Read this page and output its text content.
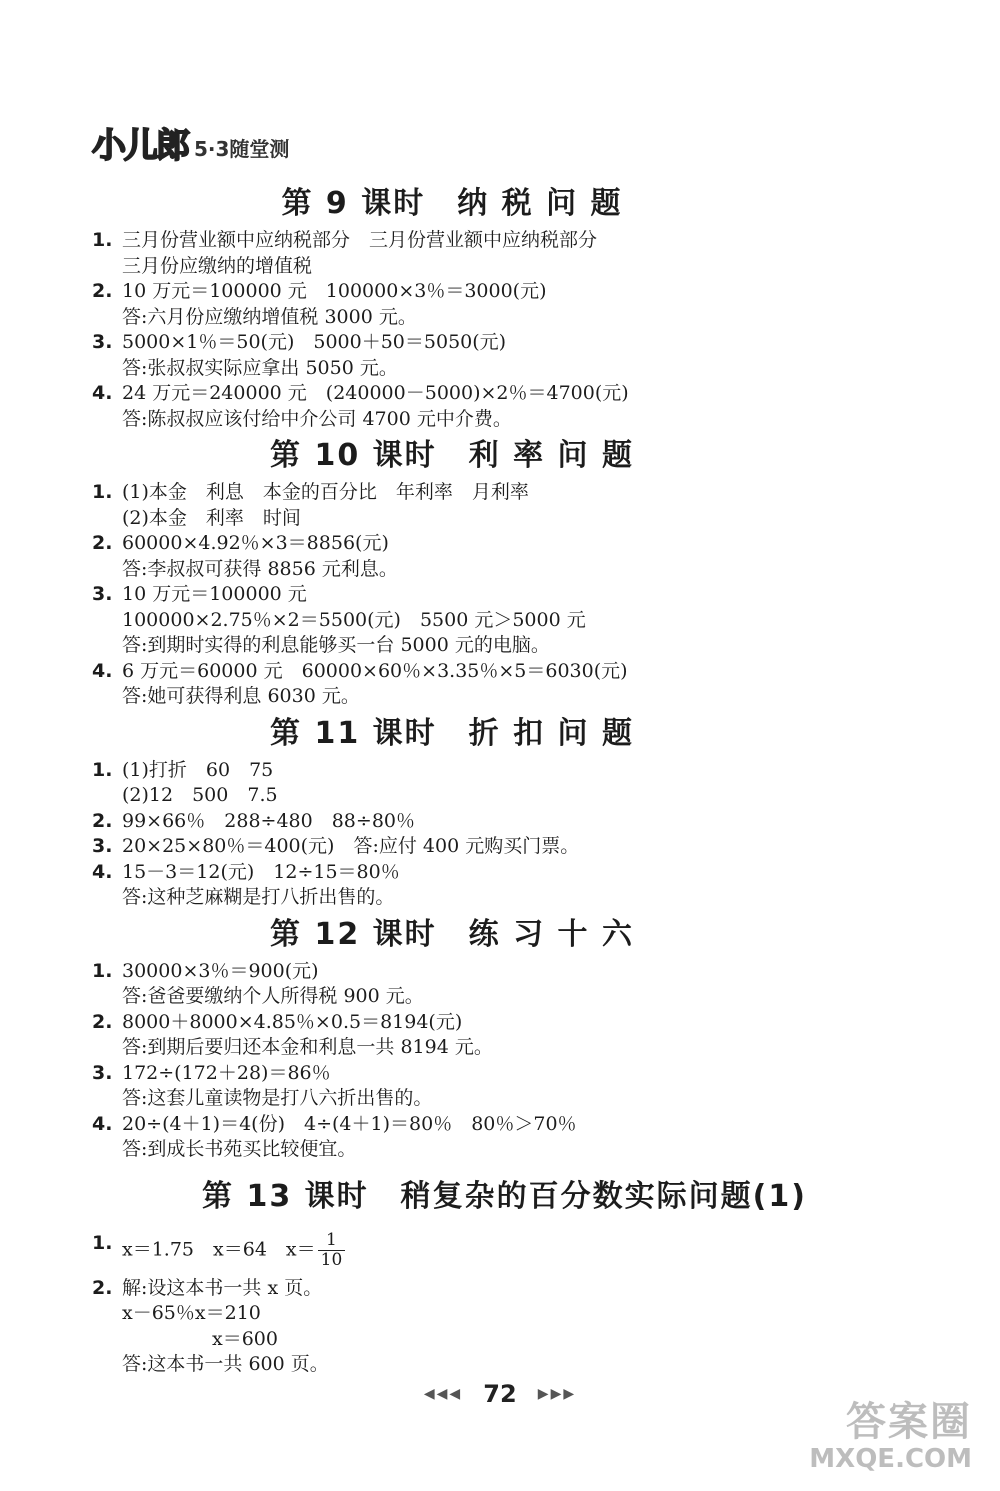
小儿郎 5·3随堂测
第 9 课时　纳 税 问 题
1. 三月份营业额中应纳税部分　三月份营业额中应纳税部分
三月份应缴纳的增值税
2. 10 万元＝100000 元　100000×3％＝3000(元)
答:六月份应缴纳增值税 3000 元。
3. 5000×1％＝50(元)　5000＋50＝5050(元)
答:张叔叔实际应拿出 5050 元。
4. 24 万元＝240000 元　(240000－5000)×2％＝4700(元)
答:陈叔叔应该付给中介公司 4700 元中介费。
第 10 课时　利 率 问 题
1. (1)本金　利息　本金的百分比　年利率　月利率
(2)本金　利率　时间
2. 60000×4.92％×3＝8856(元)
答:李叔叔可获得 8856 元利息。
3. 10 万元＝100000 元
100000×2.75％×2＝5500(元)　5500 元＞5000 元
答:到期时实得的利息能够买一台 5000 元的电脑。
4. 6 万元＝60000 元　60000×60％×3.35％×5＝6030(元)
答:她可获得利息 6030 元。
第 11 课时　折 扣 问 题
1. (1)打折　60　75
(2)12　500　7.5
2. 99×66％　288÷480　88÷80％
3. 20×25×80％＝400(元)　答:应付 400 元购买门票。
4. 15－3＝12(元)　12÷15＝80％
答:这种芝麻糊是打八折出售的。
第 12 课时　练 习 十 六
1. 30000×3％＝900(元)
答:爸爸要缴纳个人所得税 900 元。
2. 8000＋8000×4.85％×0.5＝8194(元)
答:到期后要归还本金和利息一共 8194 元。
3. 172÷(172＋28)＝86％
答:这套儿童读物是打八六折出售的。
4. 20÷(4＋1)＝4(份)　4÷(4＋1)＝80％　80％＞70％
答:到成长书苑买比较便宜。
第 13 课时　稍复杂的百分数实际问题(1)
1. x＝1.75　x＝64　$x= \frac{1}{10}$
2. 解:设这本书一共 x 页。
x－65％x＝210
x＝600
答:这本书一共 600 页。
◀◀◀ 72 ▶▶▶
答案圈
MXQE.COM
